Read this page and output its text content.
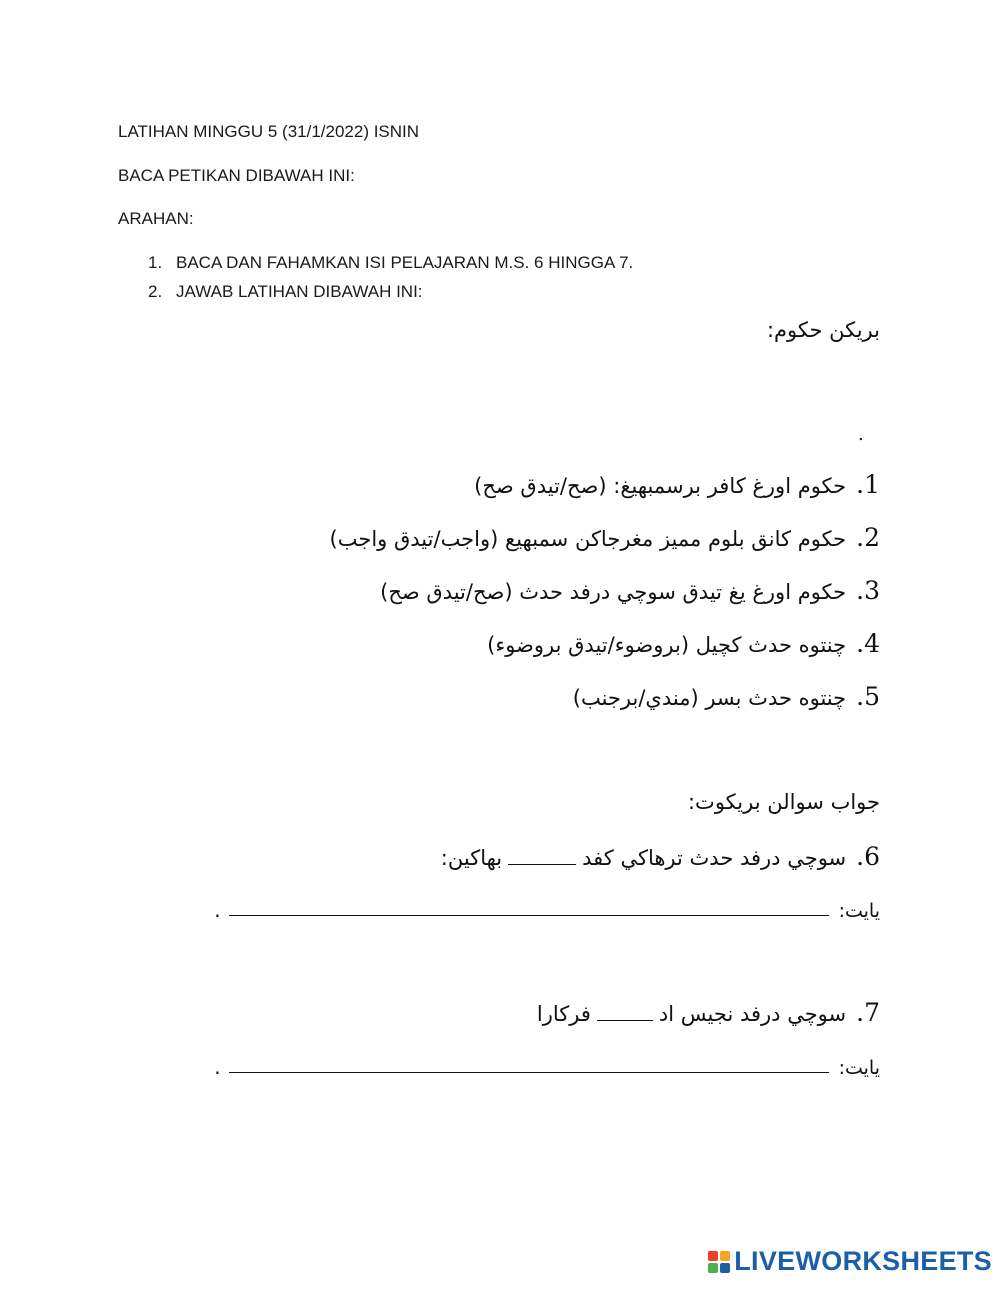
LATIHAN MINGGU 5 (31/1/2022) ISNIN
BACA PETIKAN DIBAWAH INI:
ARAHAN:
1. BACA DAN FAHAMKAN ISI PELAJARAN M.S. 6 HINGGA 7.
2. JAWAB LATIHAN DIBAWAH INI:
بريکن حکوم:
.
1.
حکوم اورغ کافر برسمبهيغ: (صح/تيدق صح)
2.
حکوم کانق بلوم مميز مغرجاکن سمبهيع (واجب/تيدق واجب)
3.
حکوم اورغ يغ تيدق سوچي درفد حدث (صح/تيدق صح)
4.
چنتوه حدث کچيل (بروضوء/تيدق بروضوء)
5.
چنتوه حدث بسر (مندي/برجنب)
جواب سوالن بريکوت:
6.
سوچي درفد حدث ترهاکي کفد
بهاکين:
يايت:
.
7.
سوچي درفد نجيس اد
فرکارا
يايت:
.
LIVEWORKSHEETS
